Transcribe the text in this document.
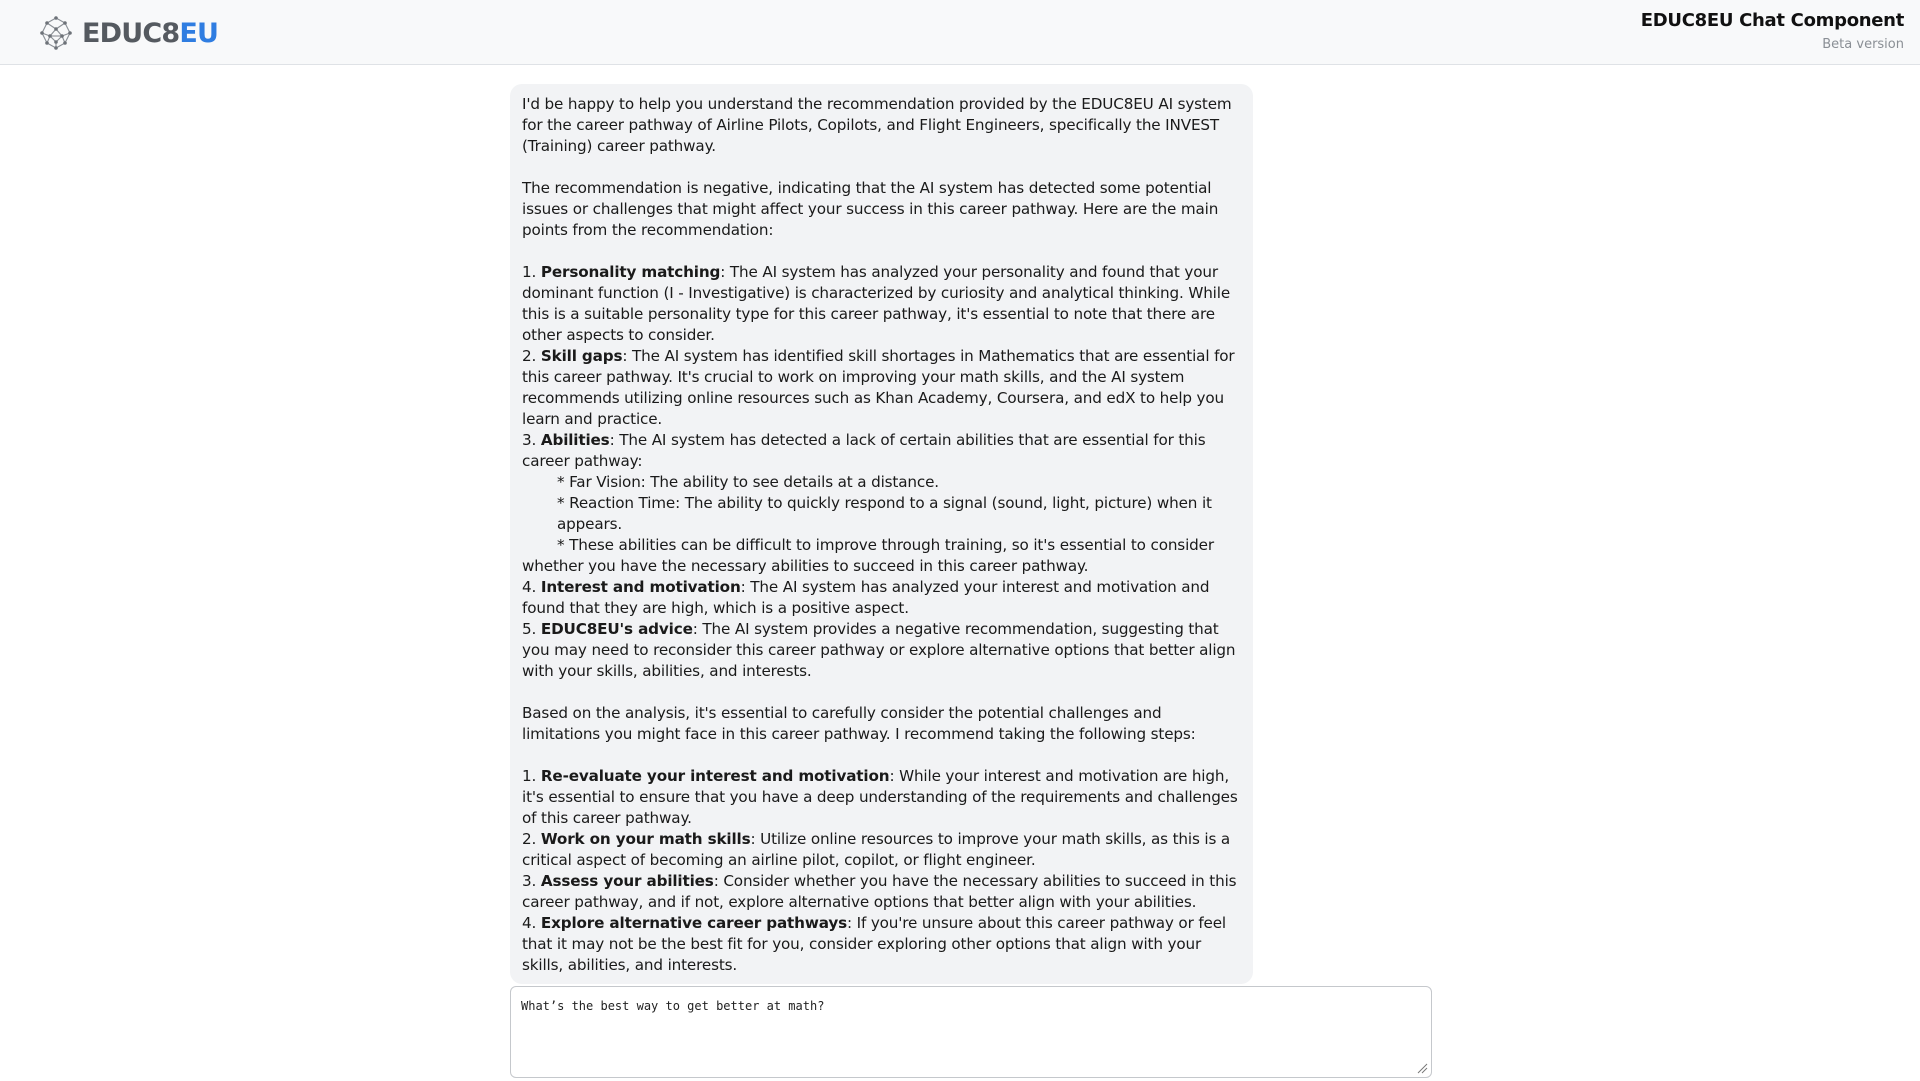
EDUC8EU	EDUC8EU Chat Component
Beta version

I'd be happy to help you understand the recommendation provided by the EDUC8EU AI system for the career pathway of Airline Pilots, Copilots, and Flight Engineers, specifically the INVEST (Training) career pathway.

The recommendation is negative, indicating that the AI system has detected some potential issues or challenges that might affect your success in this career pathway. Here are the main points from the recommendation:

1. Personality matching: The AI system has analyzed your personality and found that your dominant function (I - Investigative) is characterized by curiosity and analytical thinking. While this is a suitable personality type for this career pathway, it's essential to note that there are other aspects to consider.

2. Skill gaps: The AI system has identified skill shortages in Mathematics that are essential for this career pathway. It's crucial to work on improving your math skills, and the AI system recommends utilizing online resources such as Khan Academy, Coursera, and edX to help you learn and practice.

3. Abilities: The AI system has detected a lack of certain abilities that are essential for this career pathway:

* Far Vision: The ability to see details at a distance.

* Reaction Time: The ability to quickly respond to a signal (sound, light, picture) when it appears.

* These abilities can be difficult to improve through training, so it's essential to consider whether you have the necessary abilities to succeed in this career pathway.

4. Interest and motivation: The AI system has analyzed your interest and motivation and found that they are high, which is a positive aspect.

5. EDUC8EU's advice: The AI system provides a negative recommendation, suggesting that you may need to reconsider this career pathway or explore alternative options that better align with your skills, abilities, and interests.

Based on the analysis, it's essential to carefully consider the potential challenges and limitations you might face in this career pathway. I recommend taking the following steps:

1. Re-evaluate your interest and motivation: While your interest and motivation are high, it's essential to ensure that you have a deep understanding of the requirements and challenges of this career pathway.

2. Work on your math skills: Utilize online resources to improve your math skills, as this is a critical aspect of becoming an airline pilot, copilot, or flight engineer.

3. Assess your abilities: Consider whether you have the necessary abilities to succeed in this career pathway, and if not, explore alternative options that better align with your abilities.

4. Explore alternative career pathways: If you're unsure about this career pathway or feel that it may not be the best fit for you, consider exploring other options that align with your skills, abilities, and interests.

What’s the best way to get better at math?
